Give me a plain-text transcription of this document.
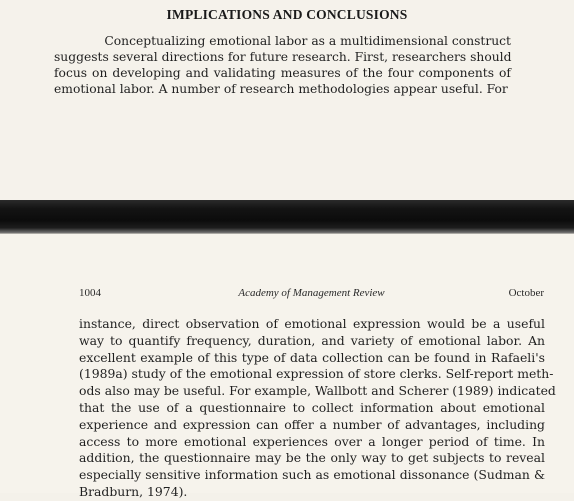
IMPLICATIONS AND CONCLUSIONS
Conceptualizing emotional labor as a multidimensional construct
suggests several directions for future research. First, researchers should
focus on developing and validating measures of the four components of
emotional labor. A number of research methodologies appear useful. For
1004	Academy of Management Review	October
instance, direct observation of emotional expression would be a useful
way to quantify frequency, duration, and variety of emotional labor. An
excellent example of this type of data collection can be found in Rafaeli's
(1989a) study of the emotional expression of store clerks. Self-report meth-
ods also may be useful. For example, Wallbott and Scherer (1989) indicated
that the use of a questionnaire to collect information about emotional
experience and expression can offer a number of advantages, including
access to more emotional experiences over a longer period of time. In
addition, the questionnaire may be the only way to get subjects to reveal
especially sensitive information such as emotional dissonance (Sudman &
Bradburn, 1974).
